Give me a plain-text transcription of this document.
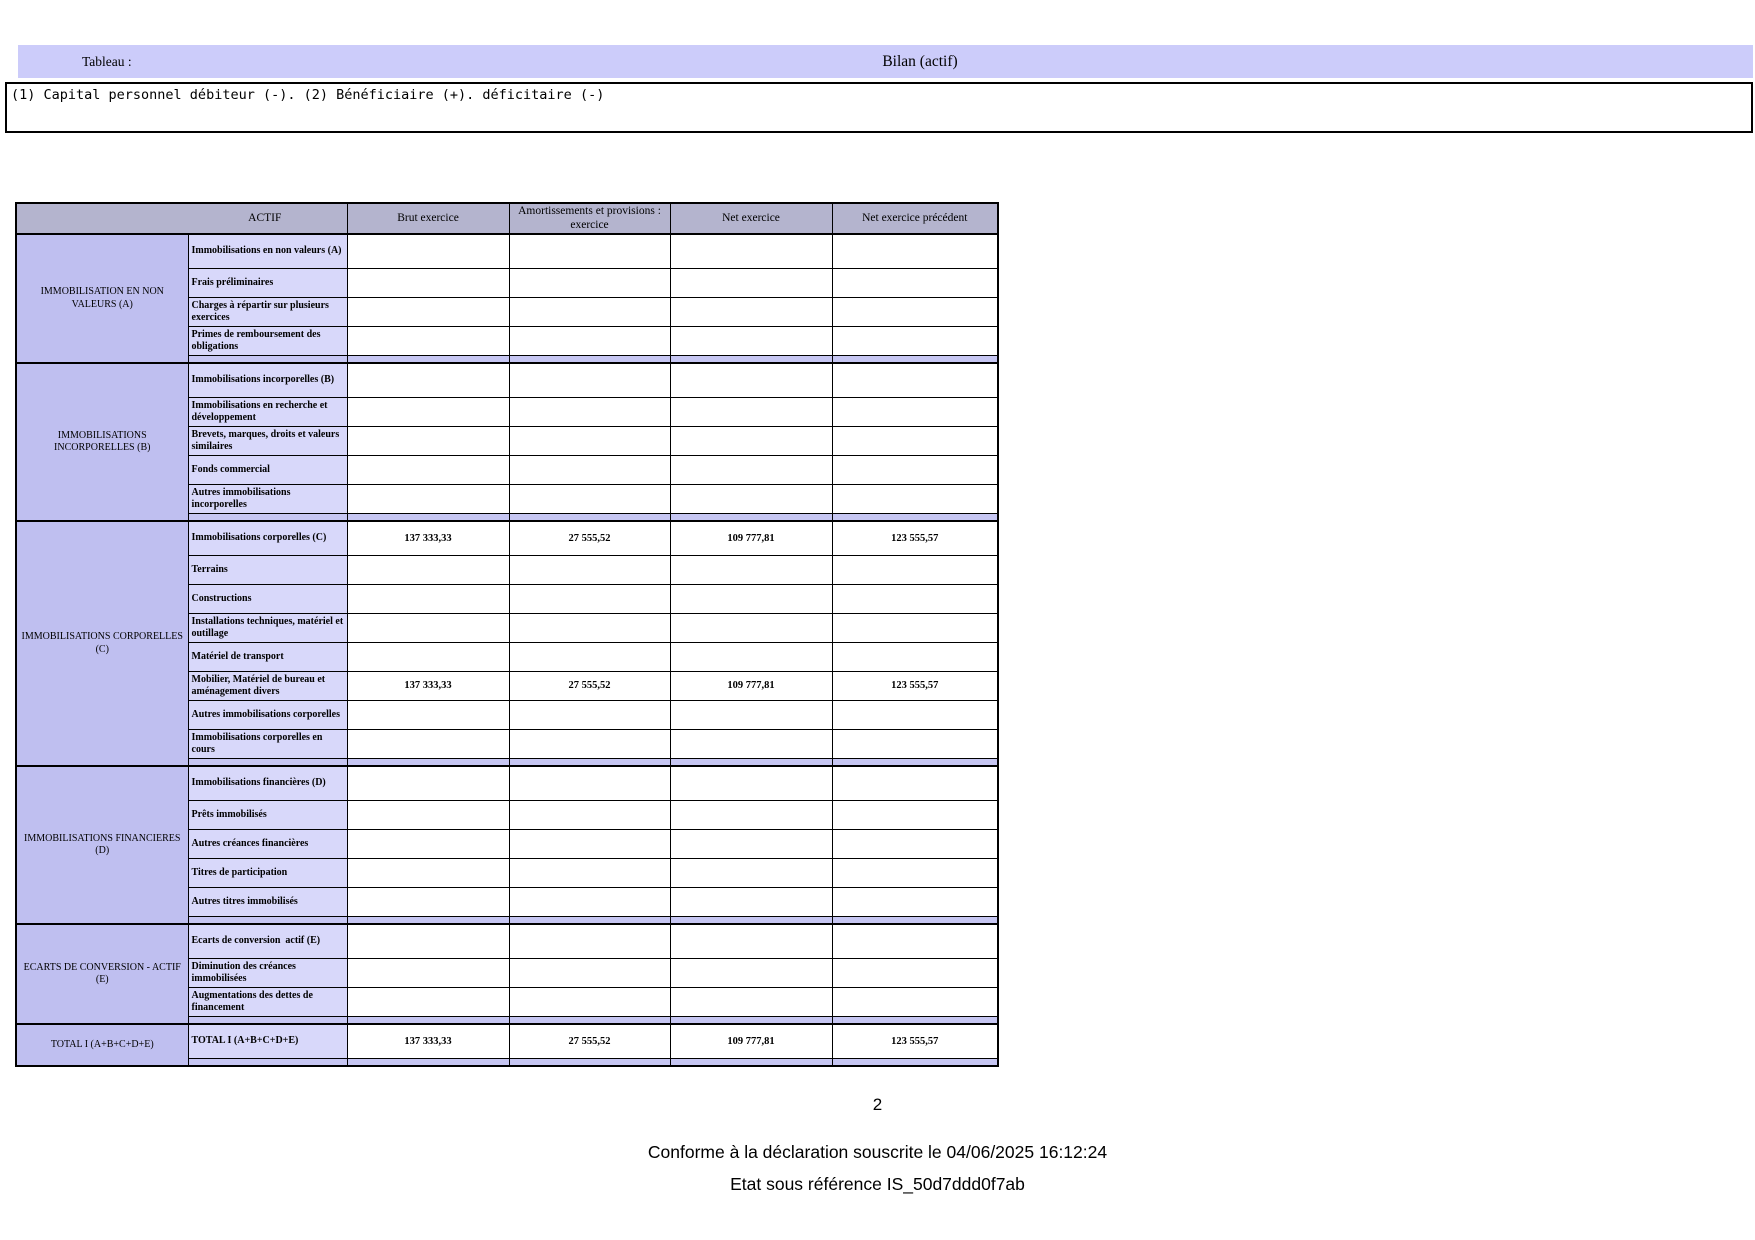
Tableau :	Bilan (actif)
(1) Capital personnel débiteur (-). (2) Bénéficiaire (+). déficitaire (-)
ACTIF		Brut exercice	Amortissements et provisions : exercice	Net exercice	Net exercice précédent
IMMOBILISATION EN NON VALEURS (A)	Immobilisations en non valeurs (A)				
	Frais préliminaires				
	Charges à répartir sur plusieurs exercices				
	Primes de remboursement des obligations				

IMMOBILISATIONS INCORPORELLES (B)	Immobilisations incorporelles (B)				
	Immobilisations en recherche et développement				
	Brevets, marques, droits et valeurs similaires				
	Fonds commercial				
	Autres immobilisations incorporelles				

IMMOBILISATIONS CORPORELLES (C)	Immobilisations corporelles (C)	137 333,33	27 555,52	109 777,81	123 555,57
	Terrains				
	Constructions				
	Installations techniques, matériel et outillage				
	Matériel de transport				
	Mobilier, Matériel de bureau et aménagement divers	137 333,33	27 555,52	109 777,81	123 555,57
	Autres immobilisations corporelles				
	Immobilisations corporelles en cours				

IMMOBILISATIONS FINANCIERES (D)	Immobilisations financières (D)				
	Prêts immobilisés				
	Autres créances financières				
	Titres de participation				
	Autres titres immobilisés				

ECARTS DE CONVERSION - ACTIF (E)	Ecarts de conversion  actif (E)				
	Diminution des créances immobilisées				
	Augmentations des dettes de financement				

TOTAL I (A+B+C+D+E)	TOTAL I (A+B+C+D+E)	137 333,33	27 555,52	109 777,81	123 555,57

2
Conforme à la déclaration souscrite le 04/06/2025 16:12:24
Etat sous référence IS_50d7ddd0f7ab
